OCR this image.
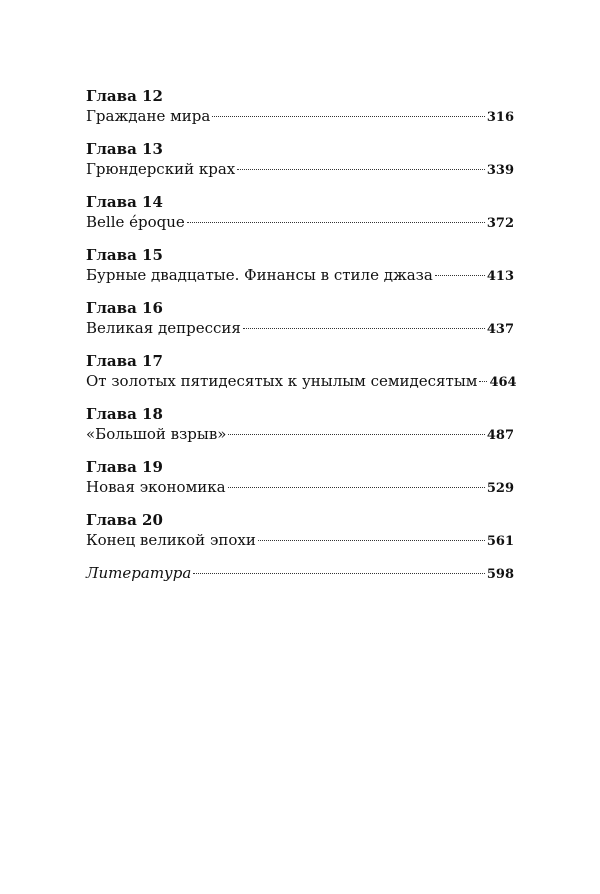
Глава 12
Граждане мира	316
Глава 13
Грюндерский крах	339
Глава 14
Belle époque	372
Глава 15
Бурные двадцатые. Финансы в стиле джаза	413
Глава 16
Великая депрессия	437
Глава 17
От золотых пятидесятых к унылым семидесятым 464
Глава 18
«Большой взрыв»	487
Глава 19
Новая экономика	529
Глава 20
Конец великой эпохи	561
Литература	598
